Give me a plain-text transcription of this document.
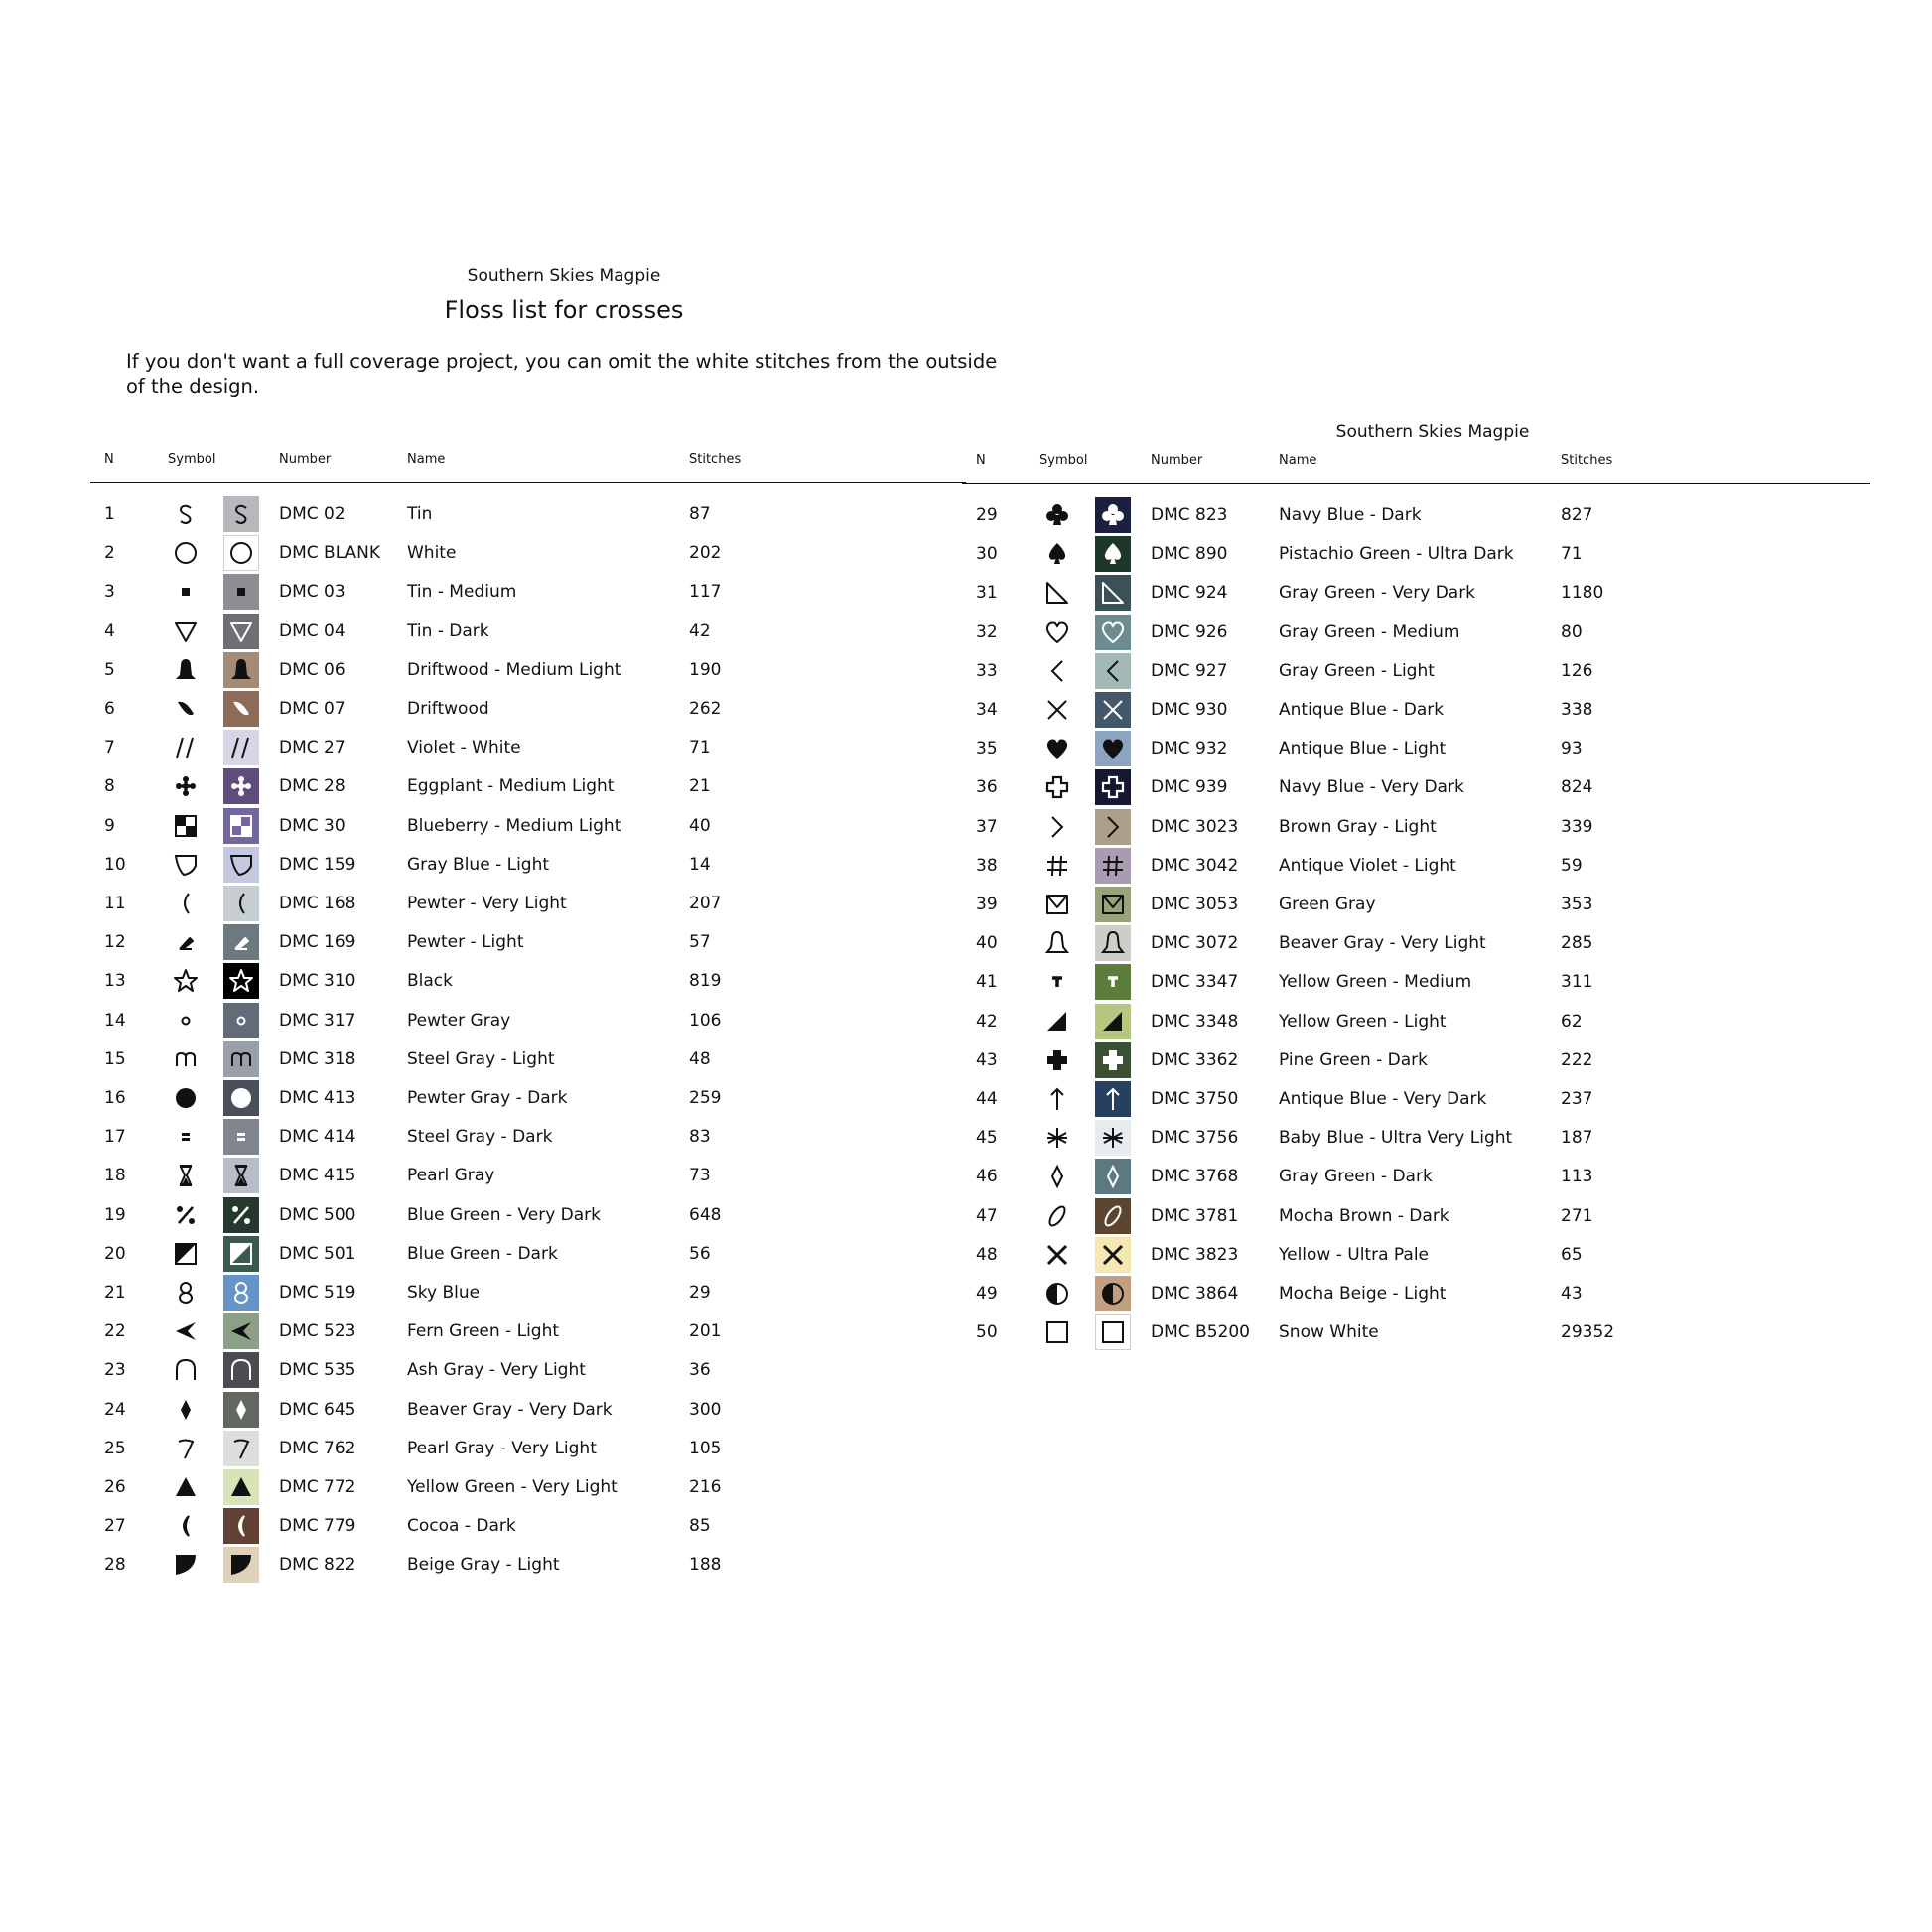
Southern Skies Magpie
Floss list for crosses
If you don't want a full coverage project, you can omit the white stitches from the outside of the design.
Southern Skies Magpie
N	Symbol	Number	Name	Stitches
1	DMC 02	Tin	87
2	DMC BLANK White	202
3	DMC 03	Tin - Medium	117
4	DMC 04	Tin - Dark	42
5	DMC 06	Driftwood - Medium Light	190
6	DMC 07	Driftwood	262
7	DMC 27	Violet - White	71
8	DMC 28	Eggplant - Medium Light	21
9	DMC 30	Blueberry - Medium Light	40
10	DMC 159	Gray Blue - Light	14
11	DMC 168	Pewter - Very Light	207
12	DMC 169	Pewter - Light	57
13	DMC 310	Black	819
14	DMC 317	Pewter Gray	106
15	DMC 318	Steel Gray - Light	48
16	DMC 413	Pewter Gray - Dark	259
17	DMC 414	Steel Gray - Dark	83
18	DMC 415	Pearl Gray	73
19	DMC 500	Blue Green - Very Dark	648
20	DMC 501	Blue Green - Dark	56
21	DMC 519	Sky Blue	29
22	DMC 523	Fern Green - Light	201
23	DMC 535	Ash Gray - Very Light	36
24	DMC 645	Beaver Gray - Very Dark	300
25	DMC 762	Pearl Gray - Very Light	105
26	DMC 772	Yellow Green - Very Light	216
27	DMC 779	Cocoa - Dark	85
28	DMC 822	Beige Gray - Light	188
N	Symbol	Number	Name	Stitches
29	DMC 823	Navy Blue - Dark	827
30	DMC 890	Pistachio Green - Ultra Dark	71
31	DMC 924	Gray Green - Very Dark	1180
32	DMC 926	Gray Green - Medium	80
33	DMC 927	Gray Green - Light	126
34	DMC 930	Antique Blue - Dark	338
35	DMC 932	Antique Blue - Light	93
36	DMC 939	Navy Blue - Very Dark	824
37	DMC 3023 Brown Gray - Light	339
38	DMC 3042 Antique Violet - Light	59
39	DMC 3053 Green Gray	353
40	DMC 3072 Beaver Gray - Very Light	285
41	DMC 3347 Yellow Green - Medium	311
42	DMC 3348 Yellow Green - Light	62
43	DMC 3362 Pine Green - Dark	222
44	DMC 3750 Antique Blue - Very Dark	237
45	DMC 3756 Baby Blue - Ultra Very Light	187
46	DMC 3768 Gray Green - Dark	113
47	DMC 3781 Mocha Brown - Dark	271
48	DMC 3823 Yellow - Ultra Pale	65
49	DMC 3864 Mocha Beige - Light	43
50	DMC B5200 Snow White	29352
